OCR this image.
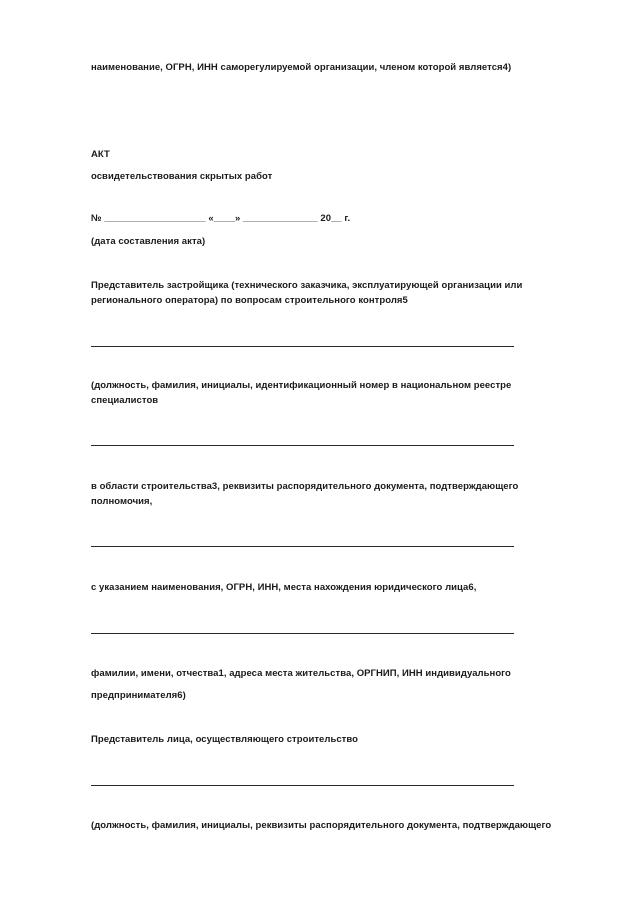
наименование, ОГРН, ИНН саморегулируемой организации, членом которой является4)
АКТ
освидетельствования скрытых работ
№ ___________________ «____» ______________ 20__ г.
(дата составления акта)
Представитель застройщика (технического заказчика, эксплуатирующей организации или
регионального оператора) по вопросам строительного контроля5
(должность, фамилия, инициалы, идентификационный номер в национальном реестре
специалистов
в области строительства3, реквизиты распорядительного документа, подтверждающего
полномочия,
с указанием наименования, ОГРН, ИНН, места нахождения юридического лица6,
фамилии, имени, отчества1, адреса места жительства, ОРГНИП, ИНН индивидуального
предпринимателя6)
Представитель лица, осуществляющего строительство
(должность, фамилия, инициалы, реквизиты распорядительного документа, подтверждающего
